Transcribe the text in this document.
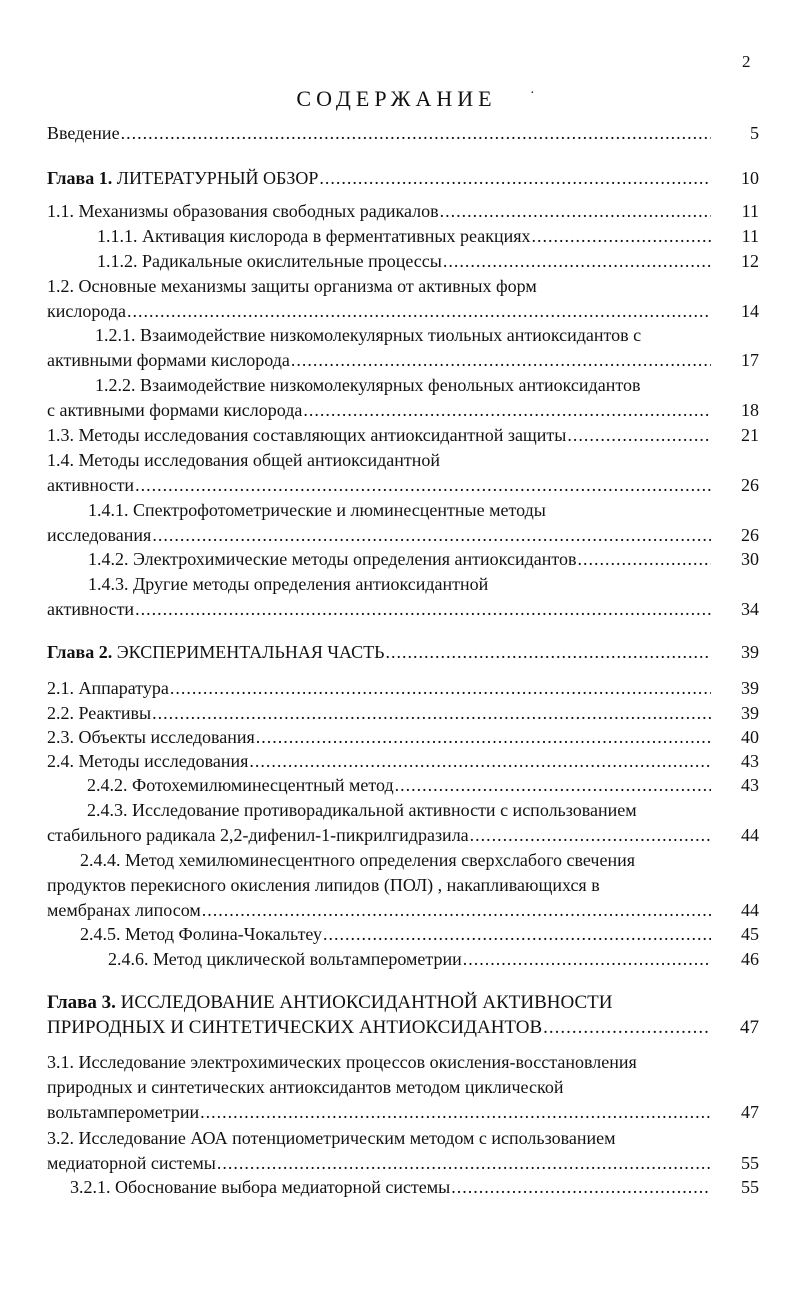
2
СОДЕРЖАНИЕ ·
Введение .....	5
Глава 1. ЛИТЕРАТУРНЫЙ ОБЗОР .....	10
1.1. Механизмы образования свободных радикалов .....	11
1.1.1. Активация кислорода в ферментативных реакциях .....	11
1.1.2. Радикальные окислительные процессы .....	12
1.2. Основные механизмы защиты организма от активных форм
кислорода .....	14
1.2.1. Взаимодействие низкомолекулярных тиольных антиоксидантов с
активными формами кислорода .....	17
1.2.2. Взаимодействие низкомолекулярных фенольных антиоксидантов
с активными формами кислорода .....	18
1.3. Методы исследования составляющих антиоксидантной защиты .....	21
1.4. Методы исследования общей антиоксидантной
активности .....	26
1.4.1. Спектрофотометрические и люминесцентные методы
исследования .....	26
1.4.2. Электрохимические методы определения антиоксидантов .....	30
1.4.3. Другие методы определения антиоксидантной
активности .....	34
Глава 2. ЭКСПЕРИМЕНТАЛЬНАЯ ЧАСТЬ .....	39
2.1. Аппаратура .....	39
2.2. Реактивы .....	39
2.3. Объекты исследования .....	40
2.4. Методы исследования .....	43
2.4.2. Фотохемилюминесцентный метод .....	43
2.4.3. Исследование противорадикальной активности с использованием
стабильного радикала 2,2-дифенил-1-пикрилгидразила .....	44
2.4.4. Метод хемилюминесцентного определения сверхслабого свечения
продуктов перекисного окисления липидов (ПОЛ) , накапливающихся в
мембранах липосом .....	44
2.4.5. Метод Фолина-Чокальтеу .....	45
2.4.6. Метод циклической вольтамперометрии .....	46
Глава 3. ИССЛЕДОВАНИЕ АНТИОКСИДАНТНОЙ АКТИВНОСТИ
ПРИРОДНЫХ И СИНТЕТИЧЕСКИХ АНТИОКСИДАНТОВ .....	47
3.1. Исследование электрохимических процессов окисления-восстановления
природных и синтетических антиоксидантов методом циклической
вольтамперометрии .....	47
3.2. Исследование АОА потенциометрическим методом с использованием
медиаторной системы .....	55
3.2.1. Обоснование выбора медиаторной системы .....	55
